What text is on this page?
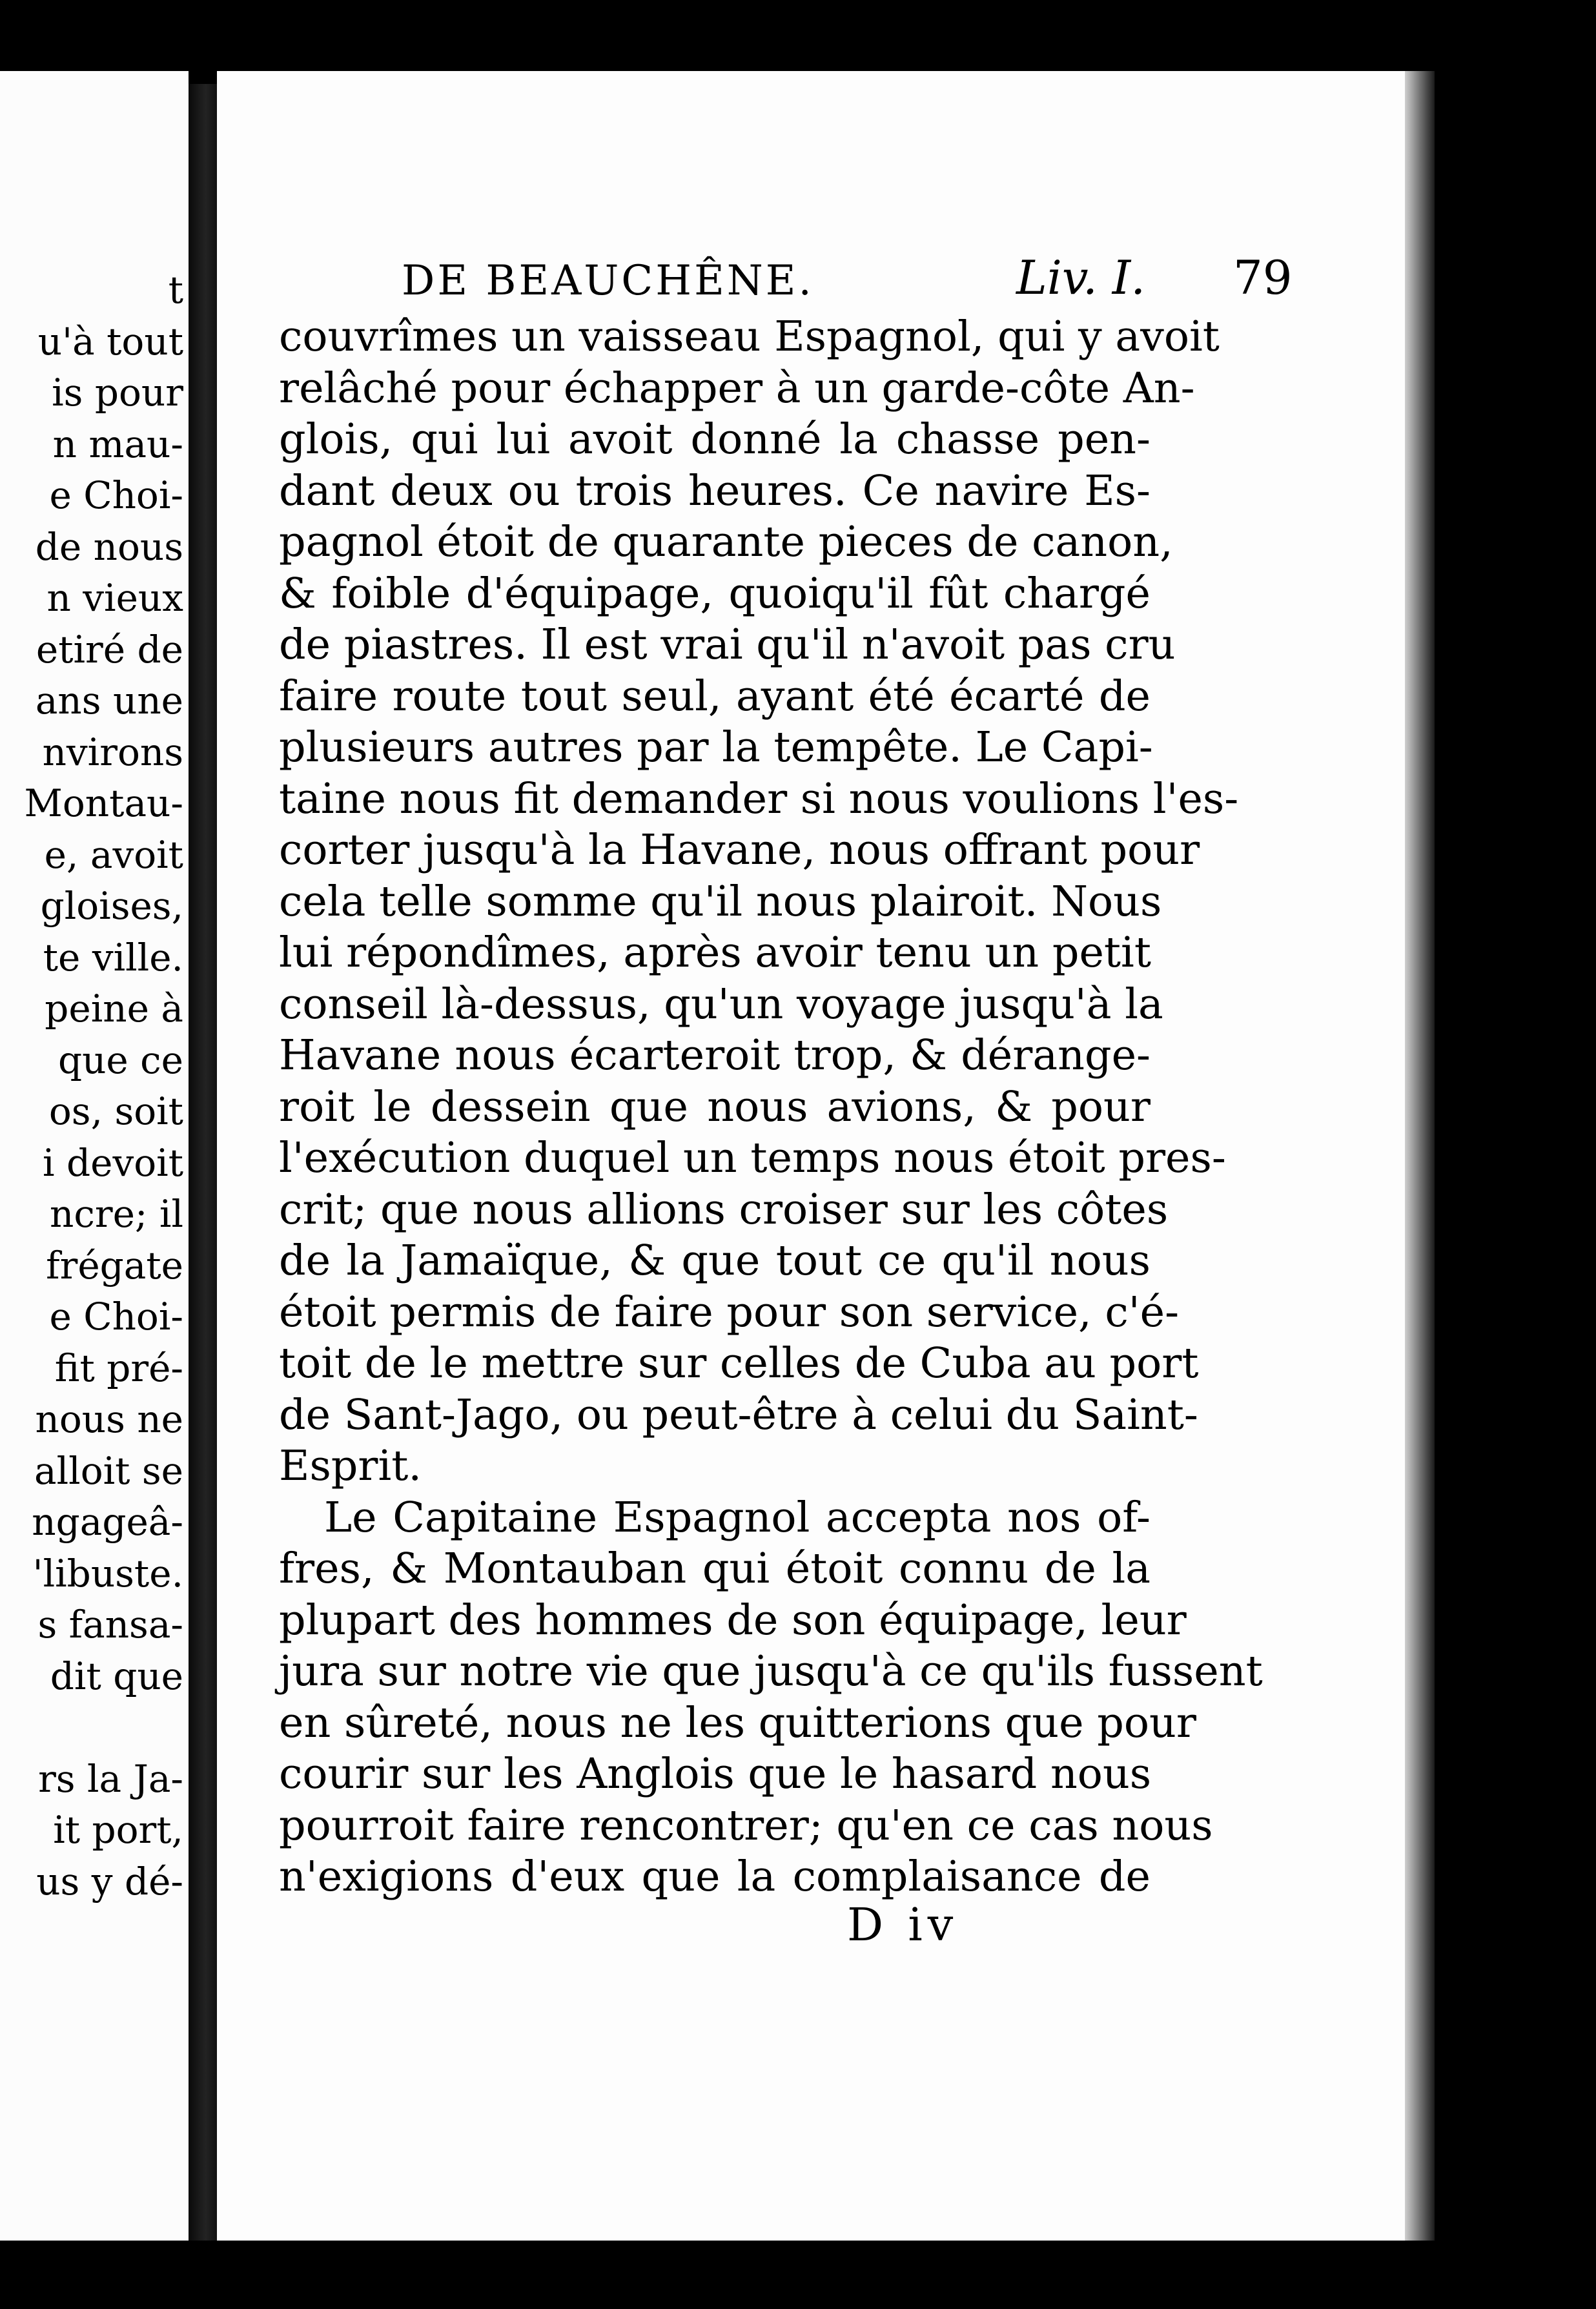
t
u'à tout
is pour
n mau-
e Choi-
de nous
n vieux
etiré de
ans une
nvirons
Montau-
e, avoit
gloises,
te ville.
peine à
que ce
os, soit
i devoit
ncre; il
frégate
e Choi-
fit pré-
nous ne
alloit se
ngageâ-
'libuste.
s fansa-
dit que
rs la Ja-
it port,
us y dé-
DE BEAUCHÊNE.	Liv. I. 79
couvrîmes un vaisseau Espagnol, qui y avoit
relâché pour échapper à un garde-côte An-
glois, qui lui avoit donné la chasse pen-
dant deux ou trois heures. Ce navire Es-
pagnol étoit de quarante pieces de canon,
& foible d'équipage, quoiqu'il fût chargé
de piastres. Il est vrai qu'il n'avoit pas cru
faire route tout seul, ayant été écarté de
plusieurs autres par la tempête. Le Capi-
taine nous fit demander si nous voulions l'es-
corter jusqu'à la Havane, nous offrant pour
cela telle somme qu'il nous plairoit. Nous
lui répondîmes, après avoir tenu un petit
conseil là-dessus, qu'un voyage jusqu'à la
Havane nous écarteroit trop, & dérange-
roit le dessein que nous avions, & pour
l'exécution duquel un temps nous étoit pres-
crit; que nous allions croiser sur les côtes
de la Jamaïque, & que tout ce qu'il nous
étoit permis de faire pour son service, c'é-
toit de le mettre sur celles de Cuba au port
de Sant-Jago, ou peut-être à celui du Saint-
Esprit.
Le Capitaine Espagnol accepta nos of-
fres, & Montauban qui étoit connu de la
plupart des hommes de son équipage, leur
jura sur notre vie que jusqu'à ce qu'ils fussent
en sûreté, nous ne les quitterions que pour
courir sur les Anglois que le hasard nous
pourroit faire rencontrer; qu'en ce cas nous
n'exigions d'eux que la complaisance de
D iv
